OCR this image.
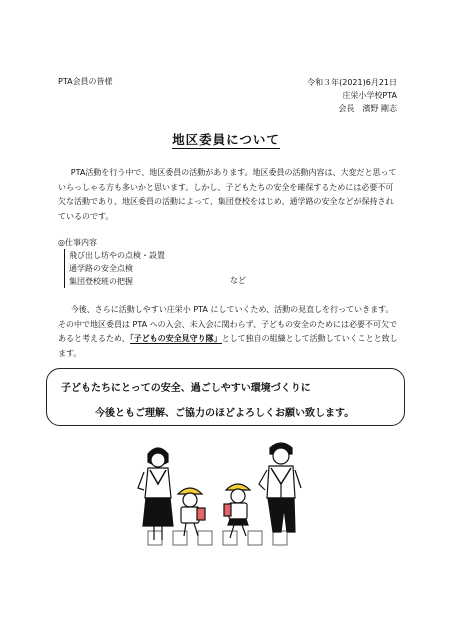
PTA会員の皆様	令和３年(2021)6月21日
庄栄小学校PTA
会長　濱野 剛志
地区委員について
PTA活動を行う中で、地区委員の活動があります。地区委員の活動内容は、大変だと思っていらっしゃる方も多いかと思います。しかし、子どもたちの安全を確保するためには必要不可欠な活動であり、地区委員の活動によって、集団登校をはじめ、通学路の安全などが保持されているのです。
◎仕事内容
飛び出し坊やの点検・設置
通学路の安全点検
集団登校班の把握	など
今後、さらに活動しやすい庄栄小 PTA にしていくため、活動の見直しを行っていきます。その中で地区委員は PTA への入会、未入会に関わらず、子どもの安全のためには必要不可欠であると考えるため、「子どもの安全見守り隊」として独自の組織として活動していくことと致します。
子どもたちにとっての安全、過ごしやすい環境づくりに
今後ともご理解、ご協力のほどよろしくお願い致します。
